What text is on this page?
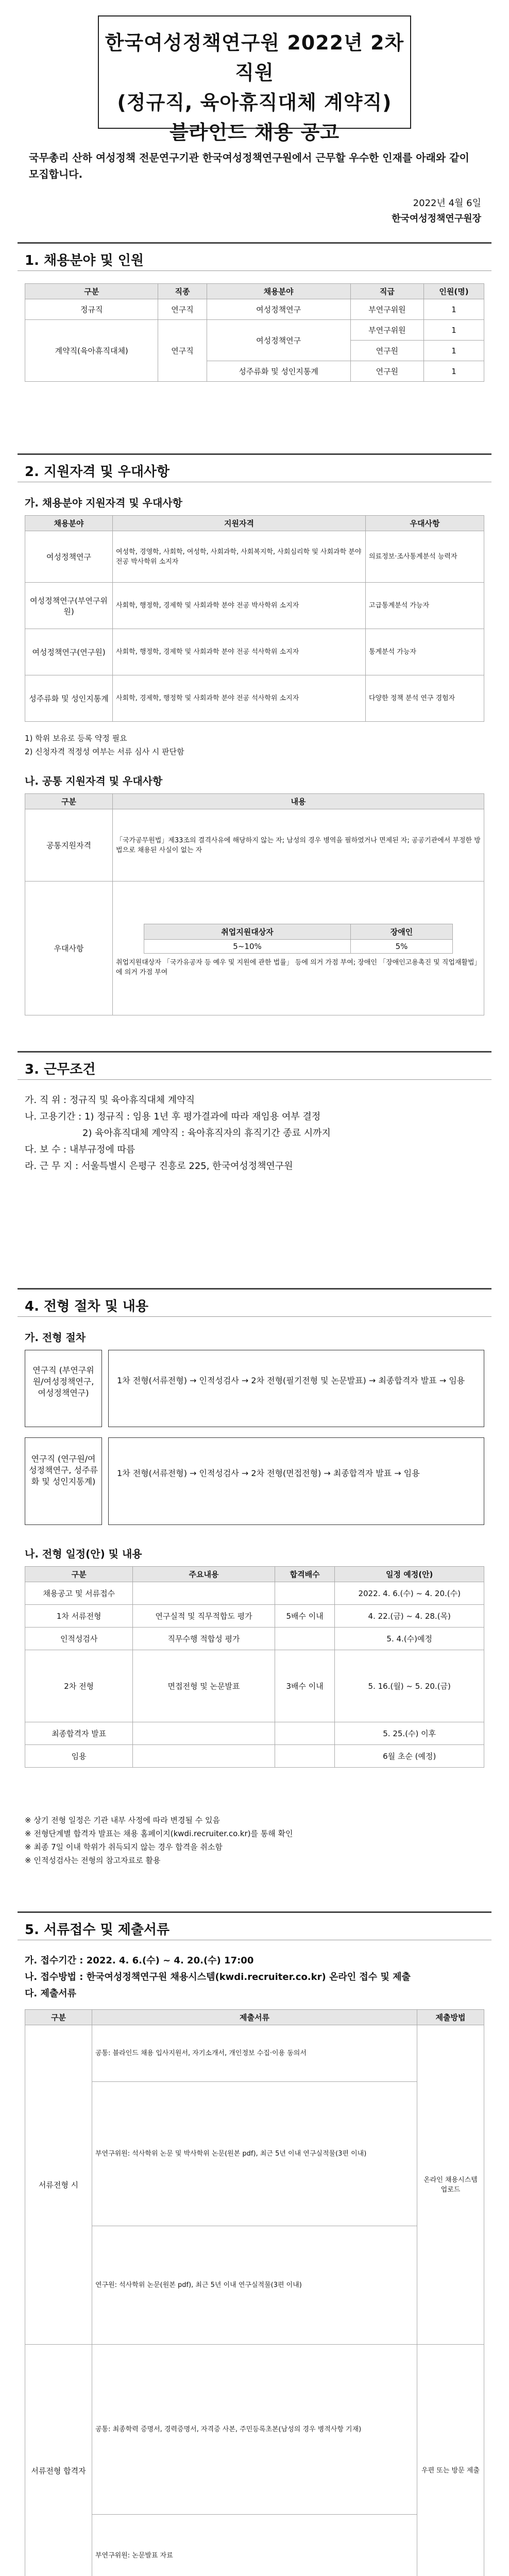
한국여성정책연구원 2022년 2차 직원
(정규직, 육아휴직대체 계약직)
블라인드 채용 공고
국무총리 산하 여성정책 전문연구기관 한국여성정책연구원에서 근무할 우수한 인재를 아래와 같이 모집합니다.
2022년 4월 6일
한국여성정책연구원장
1. 채용분야 및 인원
구분	직종	채용분야	직급	인원(명)
정규직	연구직	여성정책연구	부연구위원	1
계약직(육아휴직대체)	연구직	여성정책연구	부연구위원	1
			연구원	1
		성주류화 및 성인지통계	연구원	1
2. 지원자격 및 우대사항
가. 채용분야 지원자격 및 우대사항
채용분야	지원자격	우대사항
여성정책연구	여성학, 경영학, 사회학, 여성학, 사회과학, 사회복지학, 사회심리학 및 사회과학 분야 전공 박사학위 소지자	의료정보·조사통계분석 능력자
여성정책연구(부연구위원)	사회학, 행정학, 경제학 및 사회과학 분야 전공 박사학위 소지자	고급통계분석 가능자
여성정책연구(연구원)	사회학, 행정학, 경제학 및 사회과학 분야 전공 석사학위 소지자	통계분석 가능자
성주류화 및 성인지통계	사회학, 경제학, 행정학 및 사회과학 분야 전공 석사학위 소지자	다양한 정책 분석 연구 경험자
1) 학위 보유로 등록 약정 필요
2) 신청자격 적정성 여부는 서류 심사 시 판단함
나. 공통 지원자격 및 우대사항
구분	내용
공통지원자격	「국가공무원법」제33조의 결격사유에 해당하지 않는 자; 남성의 경우 병역을 필하였거나 면제된 자; 공공기관에서 부정한 방법으로 채용된 사실이 없는 자
우대사항	
취업지원대상자	장애인
5~10%	5%
취업지원대상자 「국가유공자 등 예우 및 지원에 관한 법률」 등에 의거 가점 부여; 장애인 「장애인고용촉진 및 직업재활법」에 의거 가점 부여
3. 근무조건
가. 직 위 : 정규직 및 육아휴직대체 계약직
나. 고용기간 : 1) 정규직 : 임용 1년 후 평가결과에 따라 재임용 여부 결정
2) 육아휴직대체 계약직 : 육아휴직자의 휴직기간 종료 시까지
다. 보 수 : 내부규정에 따름
라. 근 무 지 : 서울특별시 은평구 진흥로 225, 한국여성정책연구원
4. 전형 절차 및 내용
가. 전형 절차
연구직 (부연구위원/여성정책연구, 여성정책연구)
1차 전형(서류전형) → 인적성검사 → 2차 전형(필기전형 및 논문발표) → 최종합격자 발표 → 임용
연구직 (연구원/여성정책연구, 성주류화 및 성인지통계)
1차 전형(서류전형) → 인적성검사 → 2차 전형(면접전형) → 최종합격자 발표 → 임용
나. 전형 일정(안) 및 내용
구분	주요내용	합격배수	일정 예정(안)
채용공고 및 서류접수			2022. 4. 6.(수) ~ 4. 20.(수)
1차 서류전형	연구실적 및 직무적합도 평가	5배수 이내	4. 22.(금) ~ 4. 28.(목)
인적성검사	직무수행 적합성 평가		5. 4.(수)예정
2차 전형	면접전형 및 논문발표	3배수 이내	5. 16.(월) ~ 5. 20.(금)
최종합격자 발표			5. 25.(수) 이후
임용			6월 초순 (예정)
※ 상기 전형 일정은 기관 내부 사정에 따라 변경될 수 있음
※ 전형단계별 합격자 발표는 채용 홈페이지(kwdi.recruiter.co.kr)를 통해 확인
※ 최종 7일 이내 학위가 취득되지 않는 경우 합격을 취소함
※ 인적성검사는 전형의 참고자료로 활용
5. 서류접수 및 제출서류
가. 접수기간 : 2022. 4. 6.(수) ~ 4. 20.(수) 17:00
나. 접수방법 : 한국여성정책연구원 채용시스템(kwdi.recruiter.co.kr) 온라인 접수 및 제출
다. 제출서류
구분	제출서류	제출방법
서류전형 시	공통: 블라인드 채용 입사지원서, 자기소개서, 개인정보 수집·이용 동의서	온라인 채용시스템 업로드
	부연구위원: 석사학위 논문 및 박사학위 논문(원본 pdf), 최근 5년 이내 연구실적물(3편 이내)	
	연구원: 석사학위 논문(원본 pdf), 최근 5년 이내 연구실적물(3편 이내)	
서류전형 합격자	공통: 최종학력 증명서, 경력증명서, 자격증 사본, 주민등록초본(남성의 경우 병적사항 기재)	우편 또는 방문 제출
	부연구위원: 논문발표 자료	
